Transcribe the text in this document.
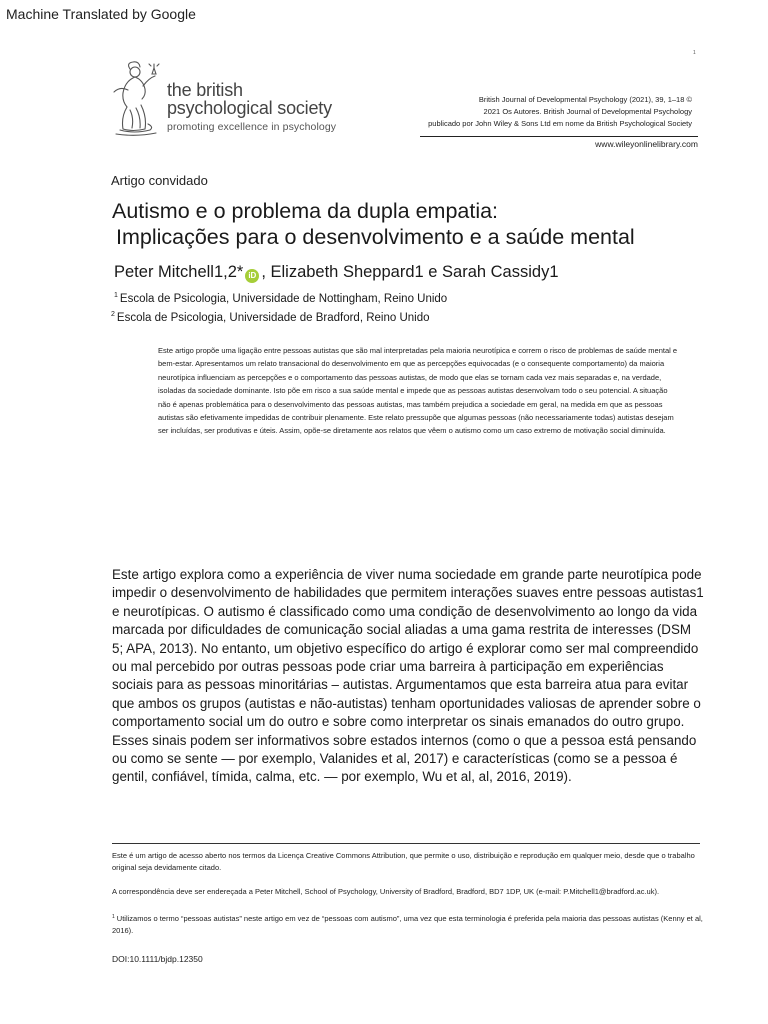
Machine Translated by Google
1
the british
psychological society
promoting excellence in psychology
British Journal of Developmental Psychology (2021), 39, 1–18 ©
2021 Os Autores. British Journal of Developmental Psychology
publicado por John Wiley & Sons Ltd em nome da British Psychological Society
www.wileyonlinelibrary.com
Artigo convidado
Autismo e o problema da dupla empatia:
Implicações para o desenvolvimento e a saúde mental
Peter Mitchell1,2* iD , Elizabeth Sheppard1 e Sarah Cassidy1
$^1$ Escola de Psicologia, Universidade de Nottingham, Reino Unido
$^2$ Escola de Psicologia, Universidade de Bradford, Reino Unido
Este artigo propõe uma ligação entre pessoas autistas que são mal interpretadas pela maioria neurotípica e correm o risco de problemas de saúde mental e bem-estar. Apresentamos um relato transacional do desenvolvimento em que as percepções equivocadas (e o consequente comportamento) da maioria neurotípica influenciam as percepções e o comportamento das pessoas autistas, de modo que elas se tornam cada vez mais separadas e, na verdade, isoladas da sociedade dominante. Isto põe em risco a sua saúde mental e impede que as pessoas autistas desenvolvam todo o seu potencial. A situação não é apenas problemática para o desenvolvimento das pessoas autistas, mas também prejudica a sociedade em geral, na medida em que as pessoas autistas são efetivamente impedidas de contribuir plenamente. Este relato pressupõe que algumas pessoas (não necessariamente todas) autistas desejam ser incluídas, ser produtivas e úteis. Assim, opõe-se diretamente aos relatos que vêem o autismo como um caso extremo de motivação social diminuída.
Este artigo explora como a experiência de viver numa sociedade em grande parte neurotípica pode impedir o desenvolvimento de habilidades que permitem interações suaves entre pessoas autistas1 e neurotípicas. O autismo é classificado como uma condição de desenvolvimento ao longo da vida marcada por dificuldades de comunicação social aliadas a uma gama restrita de interesses (DSM 5; APA, 2013). No entanto, um objetivo específico do artigo é explorar como ser mal compreendido ou mal percebido por outras pessoas pode criar uma barreira à participação em experiências sociais para as pessoas minoritárias – autistas. Argumentamos que esta barreira atua para evitar que ambos os grupos (autistas e não-autistas) tenham oportunidades valiosas de aprender sobre o comportamento social um do outro e sobre como interpretar os sinais emanados do outro grupo. Esses sinais podem ser informativos sobre estados internos (como o que a pessoa está pensando ou como se sente — por exemplo, Valanides et al, 2017) e características (como se a pessoa é gentil, confiável, tímida, calma, etc. — por exemplo, Wu et al, al, 2016, 2019).
Este é um artigo de acesso aberto nos termos da Licença Creative Commons Attribution, que permite o uso, distribuição e reprodução em qualquer meio, desde que o trabalho original seja devidamente citado.
A correspondência deve ser endereçada a Peter Mitchell, School of Psychology, University of Bradford, Bradford, BD7 1DP, UK (e-mail: P.Mitchell1@bradford.ac.uk).
$^1$ Utilizamos o termo “pessoas autistas” neste artigo em vez de “pessoas com autismo”, uma vez que esta terminologia é preferida pela maioria das pessoas autistas (Kenny et al, 2016).
DOI:10.1111/bjdp.12350
